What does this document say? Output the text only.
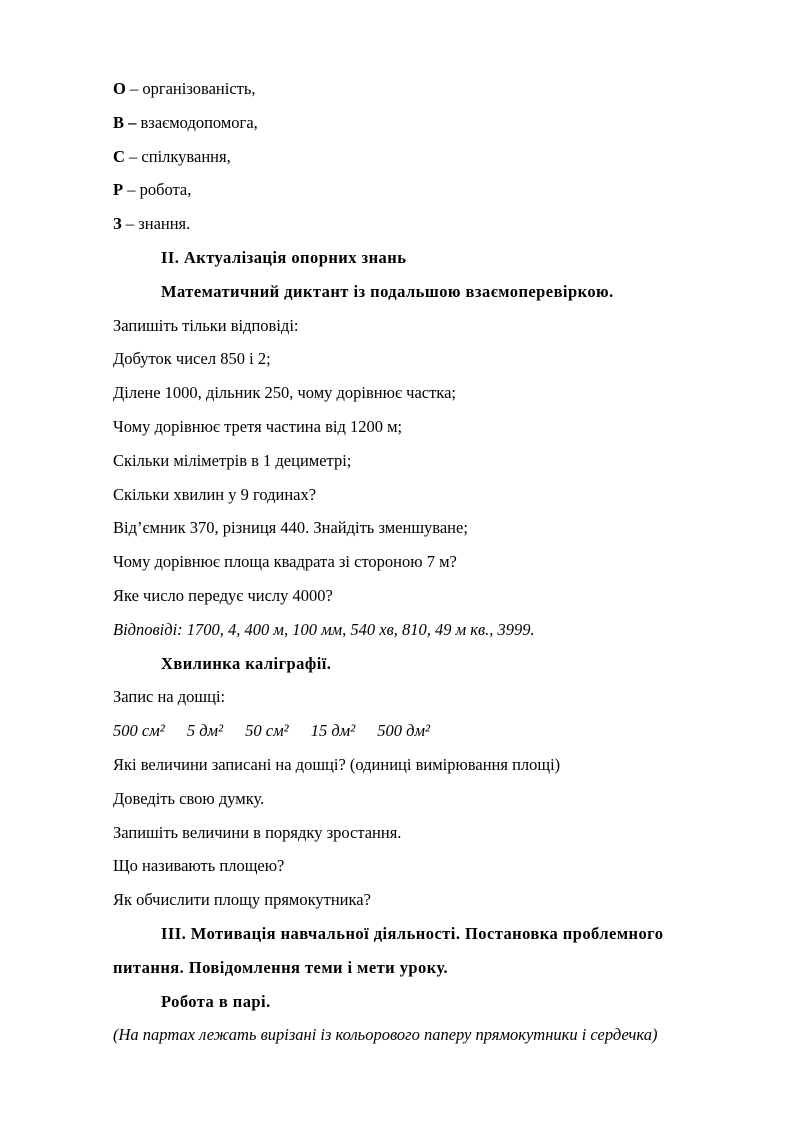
О – організованість,
В – взаємодопомога,
С – спілкування,
Р – робота,
З – знання.
ІІ. Актуалізація опорних знань
Математичний диктант із подальшою взаємоперевіркою.
Запишіть тільки відповіді:
Добуток чисел 850 і 2;
Ділене 1000, дільник 250, чому дорівнює частка;
Чому дорівнює третя частина від 1200 м;
Скільки міліметрів в 1 дециметрі;
Скільки хвилин у 9 годинах?
Від’ємник 370, різниця 440. Знайдіть зменшуване;
Чому дорівнює площа квадрата зі стороною 7 м?
Яке число передує числу 4000?
Відповіді: 1700, 4, 400 м, 100 мм, 540 хв, 810, 49 м кв., 3999.
Хвилинка каліграфії.
Запис на дошці:
500 см² 5 дм² 50 см² 15 дм² 500 дм²
Які величини записані на дошці? (одиниці вимірювання площі)
Доведіть свою думку.
Запишіть величини в порядку зростання.
Що називають площею?
Як обчислити площу прямокутника?
ІІІ. Мотивація навчальної діяльності. Постановка проблемного
питання. Повідомлення теми і мети уроку.
Робота в парі.
(На партах лежать вирізані із кольорового паперу прямокутники і сердечка)
